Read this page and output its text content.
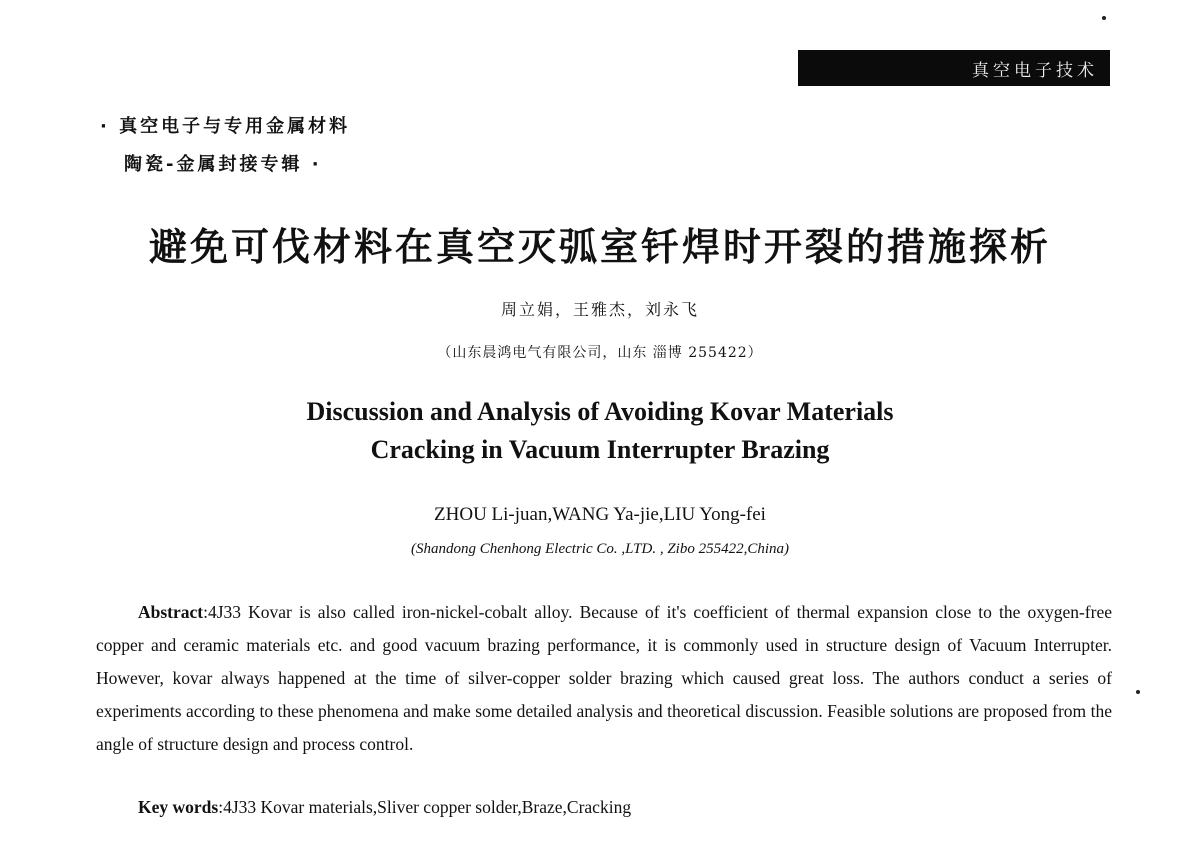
真空电子技术
· 真空电子与专用金属材料
陶瓷-金属封接专辑 ·
避免可伐材料在真空灭弧室钎焊时开裂的措施探析
周立娟，王雅杰，刘永飞
（山东晨鸿电气有限公司，山东 淄博 255422）
Discussion and Analysis of Avoiding Kovar Materials
Cracking in Vacuum Interrupter Brazing
ZHOU Li-juan,WANG Ya-jie,LIU Yong-fei
(Shandong Chenhong Electric Co. ,LTD. , Zibo 255422,China)

Abstract:4J33 Kovar is also called iron-nickel-cobalt alloy. Because of it's coefficient of thermal expansion close to the oxygen-free copper and ceramic materials etc. and good vacuum brazing performance, it is commonly used in structure design of Vacuum Interrupter. However, kovar always happened at the time of silver-copper solder brazing which caused great loss. The authors conduct a series of experiments according to these phenomena and make some detailed analysis and theoretical discussion. Feasible solutions are proposed from the angle of structure design and process control.

Key words:4J33 Kovar materials,Sliver copper solder,Braze,Cracking
